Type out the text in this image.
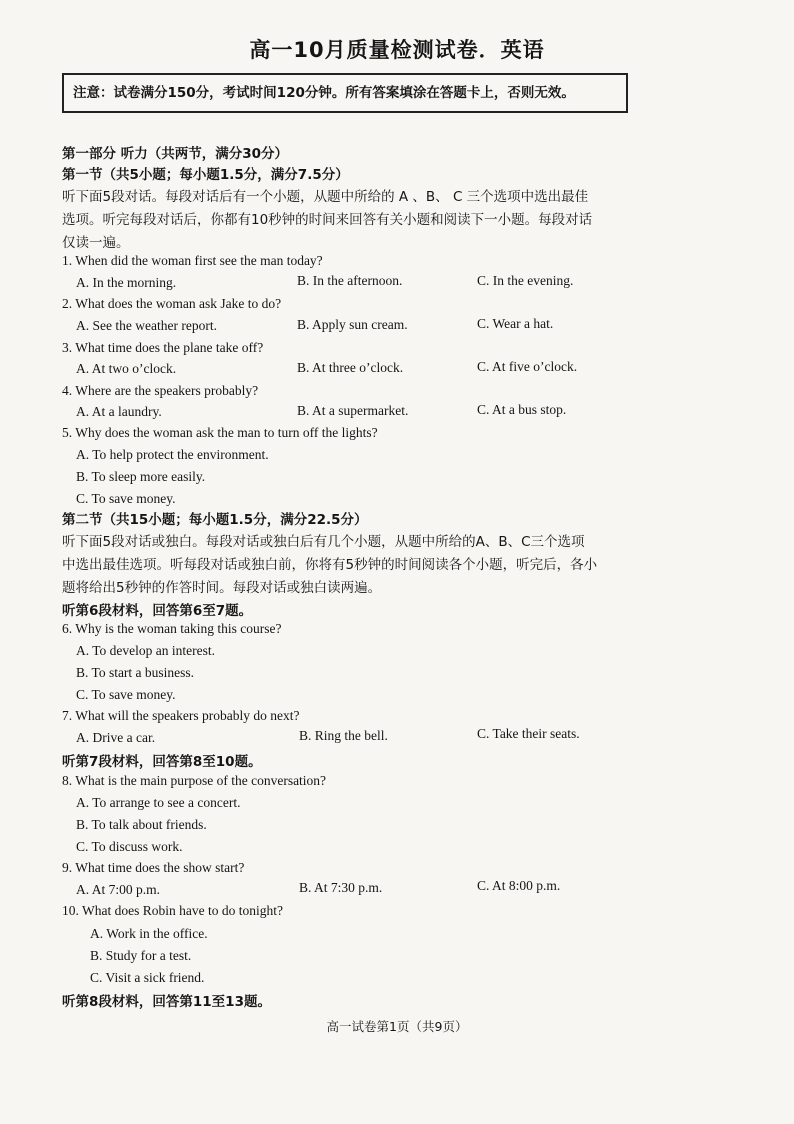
高一10月质量检测试卷．英语
注意：试卷满分150分，考试时间120分钟。所有答案填涂在答题卡上，否则无效。
第一部分 听力（共两节，满分30分）
第一节（共5小题；每小题1.5分，满分7.5分）
听下面5段对话。每段对话后有一个小题，从题中所给的 A 、B、 C 三个选项中选出最佳
选项。听完每段对话后，你都有10秒钟的时间来回答有关小题和阅读下一小题。每段对话
仅读一遍。
1. When did the woman first see the man today?
A. In the morning.	B. In the afternoon.	C. In the evening.
2. What does the woman ask Jake to do?
A. See the weather report.	B. Apply sun cream.	C. Wear a hat.
3. What time does the plane take off?
A. At two o’clock.	B. At three o’clock.	C. At five o’clock.
4. Where are the speakers probably?
A. At a laundry.	B. At a supermarket.	C. At a bus stop.
5. Why does the woman ask the man to turn off the lights?
A. To help protect the environment.
B. To sleep more easily.
C. To save money.
第二节（共15小题；每小题1.5分，满分22.5分）
听下面5段对话或独白。每段对话或独白后有几个小题，从题中所给的A、B、C三个选项
中选出最佳选项。听每段对话或独白前，你将有5秒钟的时间阅读各个小题，听完后，各小
题将给出5秒钟的作答时间。每段对话或独白读两遍。
听第6段材料，回答第6至7题。
6. Why is the woman taking this course?
A. To develop an interest.
B. To start a business.
C. To save money.
7. What will the speakers probably do next?
A. Drive a car.	B. Ring the bell.	C. Take their seats.
听第7段材料，回答第8至10题。
8. What is the main purpose of the conversation?
A. To arrange to see a concert.
B. To talk about friends.
C. To discuss work.
9. What time does the show start?
A. At 7:00 p.m.	B. At 7:30 p.m.	C. At 8:00 p.m.
10. What does Robin have to do tonight?
A. Work in the office.
B. Study for a test.
C. Visit a sick friend.
听第8段材料，回答第11至13题。
高一试卷第1页（共9页）
